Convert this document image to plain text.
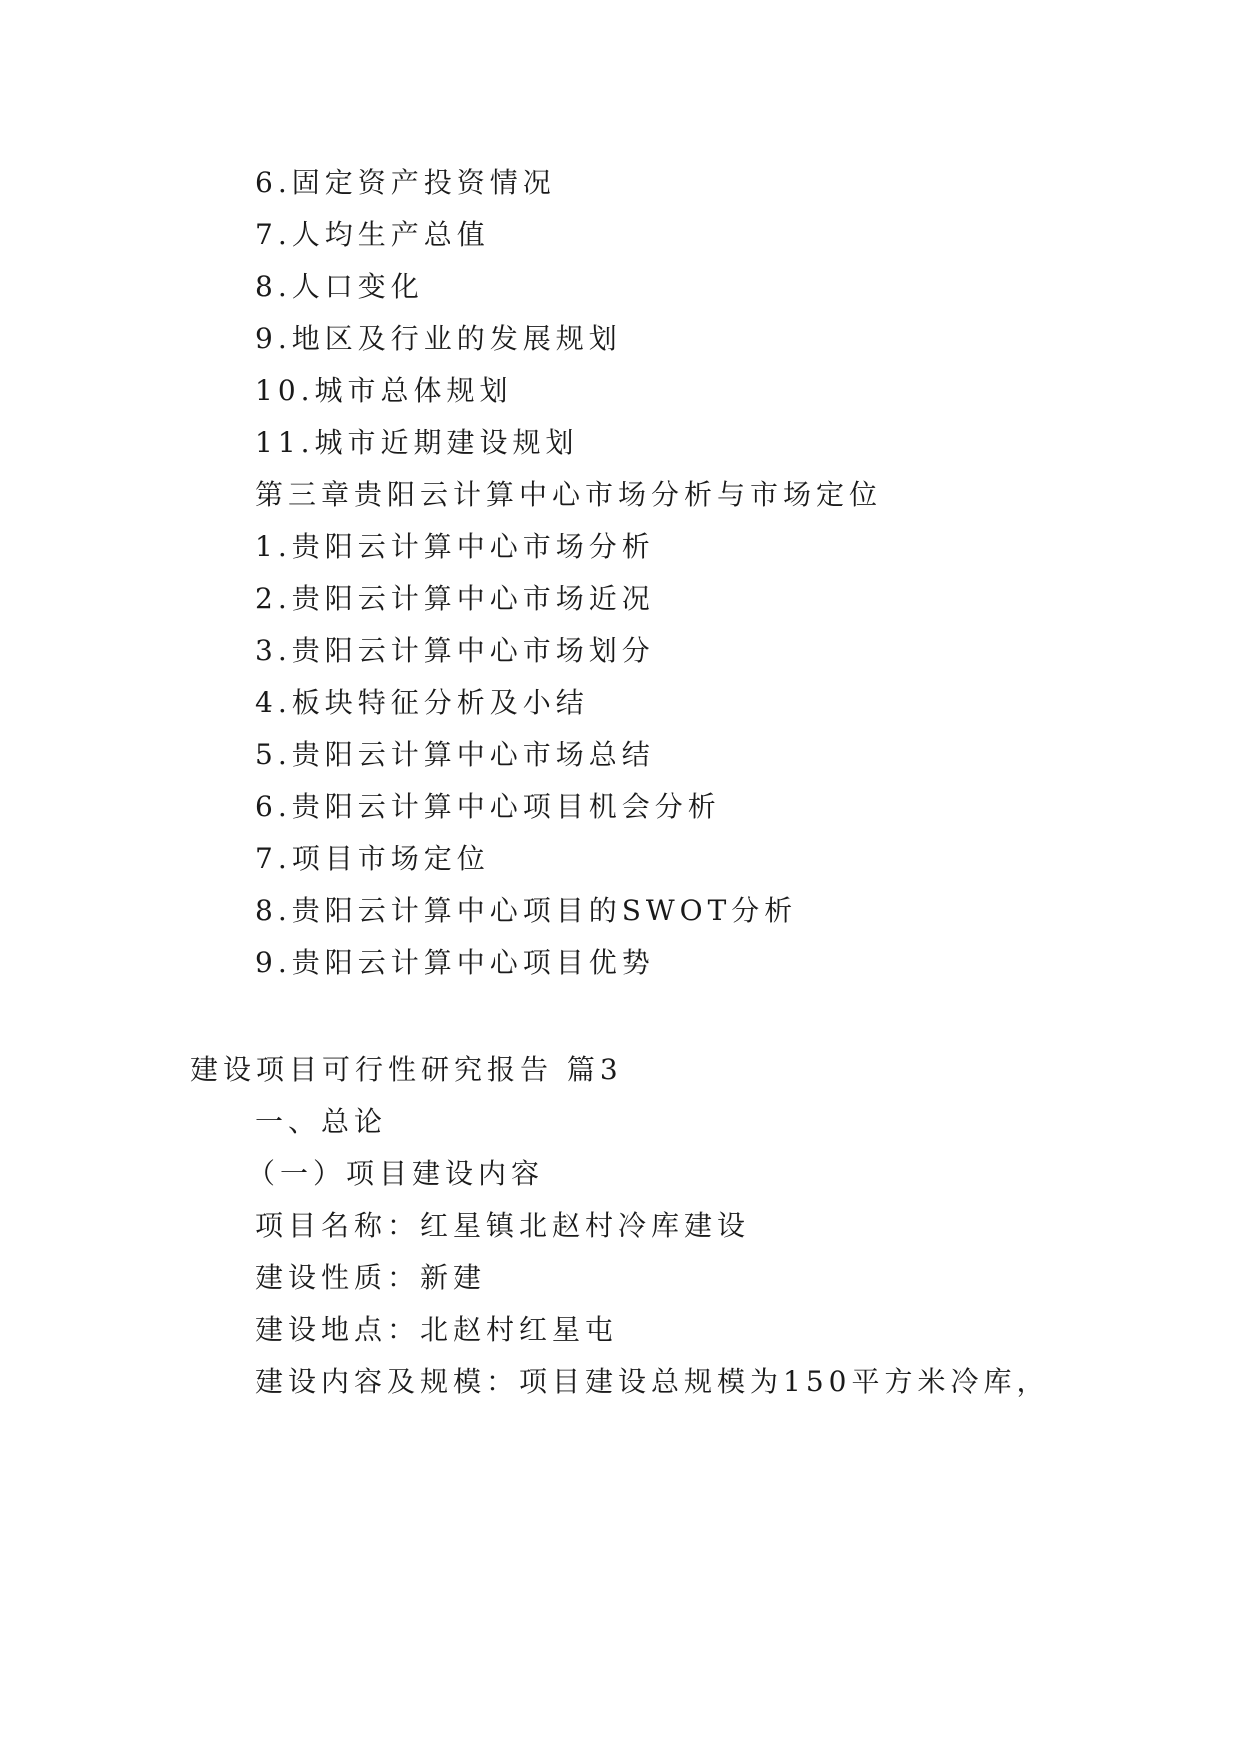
6.固定资产投资情况
7.人均生产总值
8.人口变化
9.地区及行业的发展规划
10.城市总体规划
11.城市近期建设规划
第三章贵阳云计算中心市场分析与市场定位
1.贵阳云计算中心市场分析
2.贵阳云计算中心市场近况
3.贵阳云计算中心市场划分
4.板块特征分析及小结
5.贵阳云计算中心市场总结
6.贵阳云计算中心项目机会分析
7.项目市场定位
8.贵阳云计算中心项目的SWOT分析
9.贵阳云计算中心项目优势
建设项目可行性研究报告 篇3
一、总论
（一）项目建设内容
项目名称：红星镇北赵村冷库建设
建设性质：新建
建设地点：北赵村红星屯
建设内容及规模：项目建设总规模为150平方米冷库，
